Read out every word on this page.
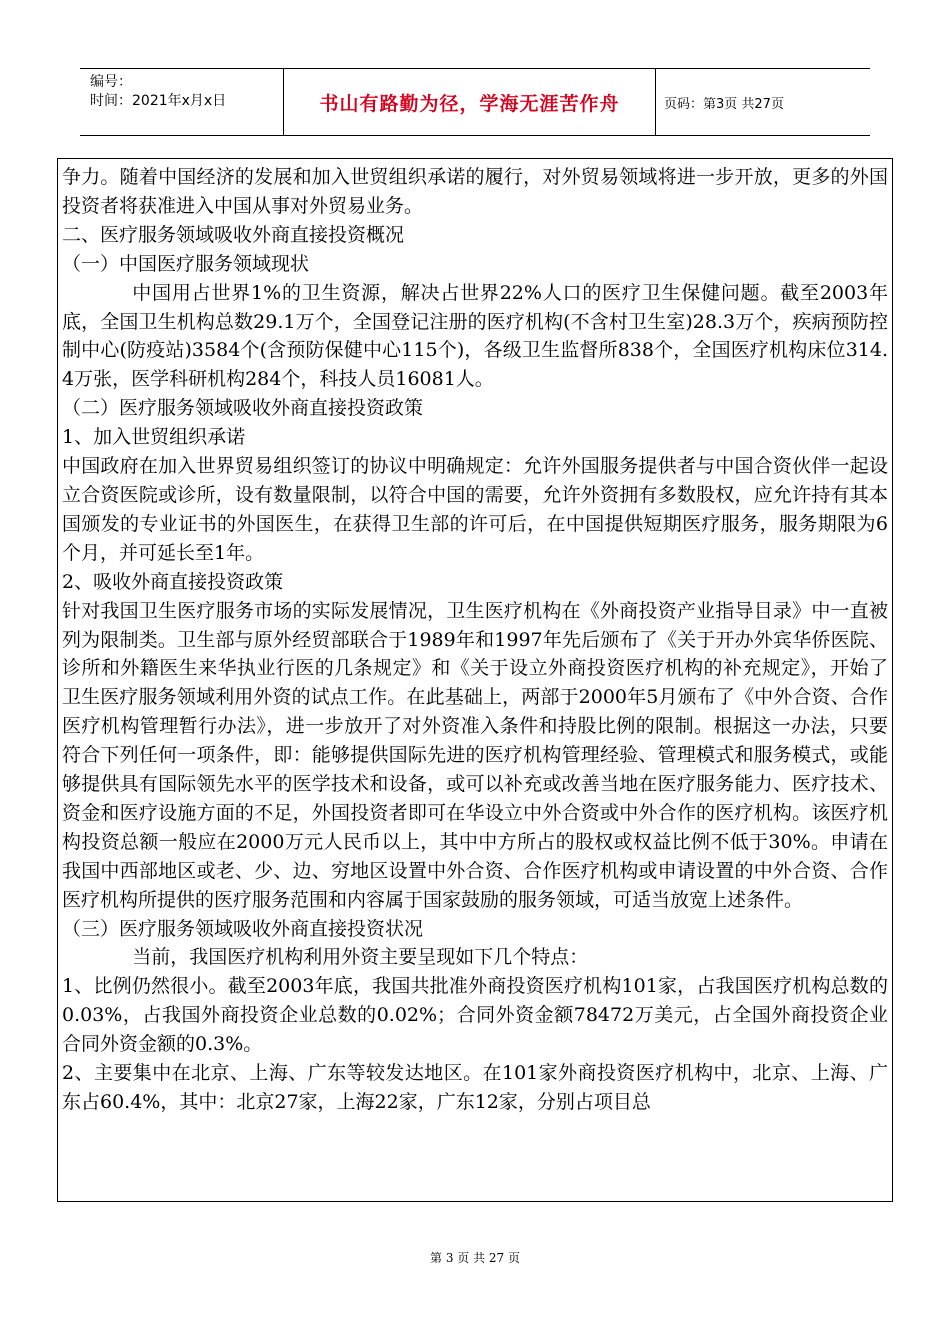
编号：
时间：2021年x月x日	书山有路勤为径，学海无涯苦作舟	页码：第3页 共27页

争力。随着中国经济的发展和加入世贸组织承诺的履行，对外贸易领域将进一步开放，更多的外国投资者将获准进入中国从事对外贸易业务。

二、医疗服务领域吸收外商直接投资概况

（一）中国医疗服务领域现状

中国用占世界1%的卫生资源，解决占世界22%人口的医疗卫生保健问题。截至2003年底，全国卫生机构总数29.1万个，全国登记注册的医疗机构(不含村卫生室)28.3万个，疾病预防控制中心(防疫站)3584个(含预防保健中心115个)，各级卫生监督所838个，全国医疗机构床位314.4万张，医学科研机构284个，科技人员16081人。

（二）医疗服务领域吸收外商直接投资政策

1、加入世贸组织承诺

中国政府在加入世界贸易组织签订的协议中明确规定：允许外国服务提供者与中国合资伙伴一起设立合资医院或诊所，设有数量限制，以符合中国的需要，允许外资拥有多数股权，应允许持有其本国颁发的专业证书的外国医生，在获得卫生部的许可后，在中国提供短期医疗服务，服务期限为6个月，并可延长至1年。

2、吸收外商直接投资政策

针对我国卫生医疗服务市场的实际发展情况，卫生医疗机构在《外商投资产业指导目录》中一直被列为限制类。卫生部与原外经贸部联合于1989年和1997年先后颁布了《关于开办外宾华侨医院、诊所和外籍医生来华执业行医的几条规定》和《关于设立外商投资医疗机构的补充规定》，开始了卫生医疗服务领域利用外资的试点工作。在此基础上，两部于2000年5月颁布了《中外合资、合作医疗机构管理暂行办法》，进一步放开了对外资准入条件和持股比例的限制。根据这一办法，只要符合下列任何一项条件，即：能够提供国际先进的医疗机构管理经验、管理模式和服务模式，或能够提供具有国际领先水平的医学技术和设备，或可以补充或改善当地在医疗服务能力、医疗技术、资金和医疗设施方面的不足，外国投资者即可在华设立中外合资或中外合作的医疗机构。该医疗机构投资总额一般应在2000万元人民币以上，其中中方所占的股权或权益比例不低于30%。申请在我国中西部地区或老、少、边、穷地区设置中外合资、合作医疗机构或申请设置的中外合资、合作医疗机构所提供的医疗服务范围和内容属于国家鼓励的服务领域，可适当放宽上述条件。

（三）医疗服务领域吸收外商直接投资状况

当前，我国医疗机构利用外资主要呈现如下几个特点：

1、比例仍然很小。截至2003年底，我国共批准外商投资医疗机构101家，占我国医疗机构总数的0.03%，占我国外商投资企业总数的0.02%；合同外资金额78472万美元，占全国外商投资企业合同外资金额的0.3%。

2、主要集中在北京、上海、广东等较发达地区。在101家外商投资医疗机构中，北京、上海、广东占60.4%，其中：北京27家，上海22家，广东12家，分别占项目总

第 3 页 共 27 页
